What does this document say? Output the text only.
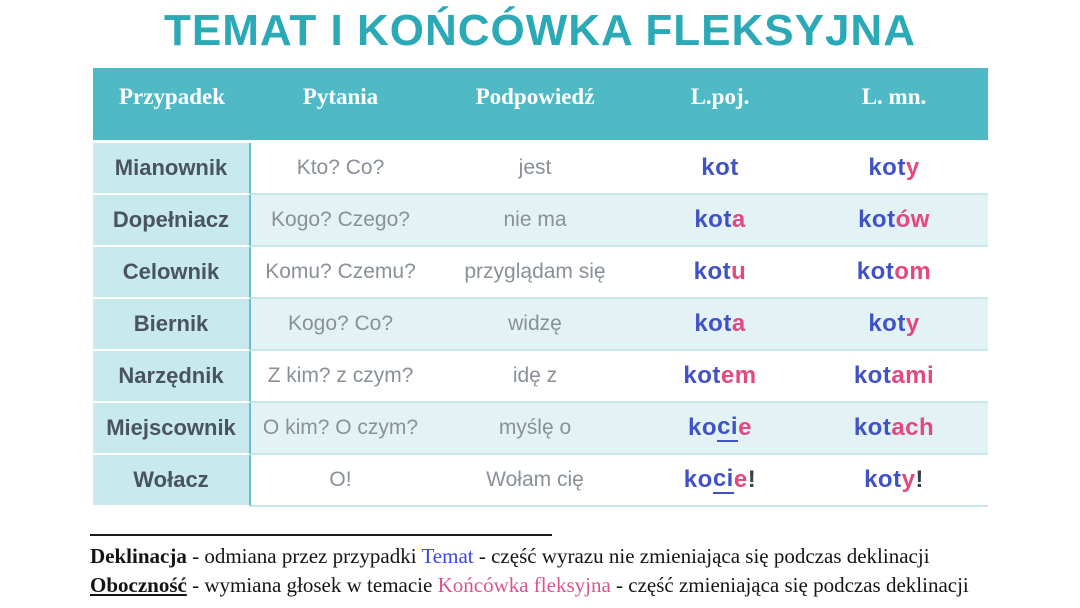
TEMAT I KOŃCÓWKA FLEKSYJNA
Przypadek	Pytania	Podpowiedź	L.poj.	L. mn.
Mianownik	Kto? Co?	jest	kot	kot y
Dopełniacz	Kogo? Czego?	nie ma	kot a	kot ów
Celownik	Komu? Czemu?	przyglądam się	kot u	kot om
Biernik	Kogo? Co?	widzę	kot a	kot y
Narzędnik	Z kim? z czym?	idę z	kot em	kot ami
Miejscownik	O kim? O czym?	myślę o	ko ci e	kot ach
Wołacz	O!	Wołam cię	ko ci e !	kot y !
Deklinacja - odmiana przez przypadki Temat - część wyrazu nie zmieniająca się podczas deklinacji
Oboczność - wymiana głosek w temacie Końcówka fleksyjna - część zmieniająca się podczas deklinacji
